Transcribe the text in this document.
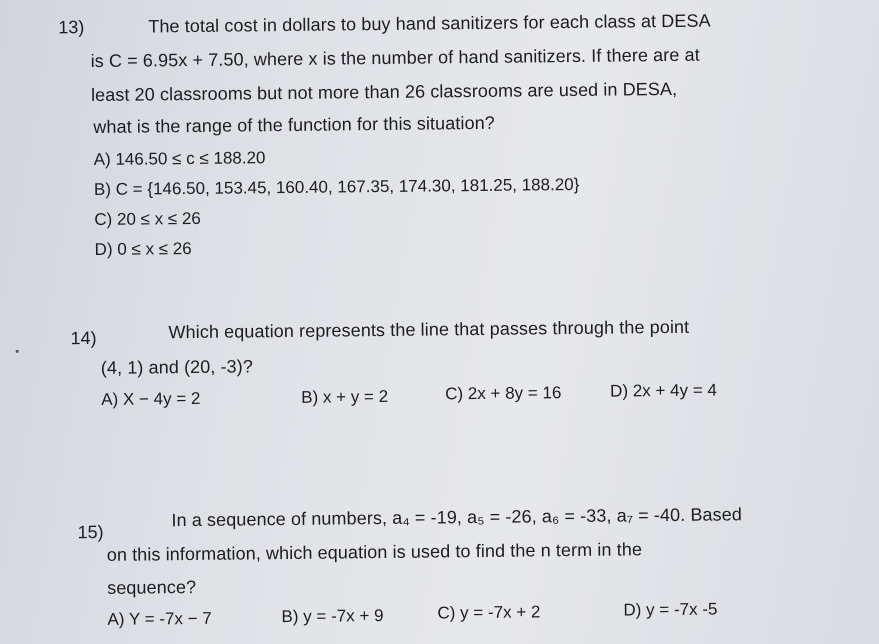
13)	The total cost in dollars to buy hand sanitizers for each class at DESA
is C = 6.95x + 7.50, where x is the number of hand sanitizers. If there are at
least 20 classrooms but not more than 26 classrooms are used in DESA,
what is the range of the function for this situation?
A) 146.50 ≤ c ≤ 188.20
B) C = {146.50, 153.45, 160.40, 167.35, 174.30, 181.25, 188.20}
C) 20 ≤ x ≤ 26
D) 0 ≤ x ≤ 26
14)	Which equation represents the line that passes through the point
(4, 1) and (20, -3)?
A) X − 4y = 2	B) x + y = 2	C) 2x + 8y = 16	D) 2x + 4y = 4
15)
In a sequence of numbers, a₄ = -19, a₅ = -26, a₆ = -33, a₇ = -40. Based
on this information, which equation is used to find the n term in the
sequence?
A) Y = -7x − 7	B) y = -7x + 9	C) y = -7x + 2	D) y = -7x -5
